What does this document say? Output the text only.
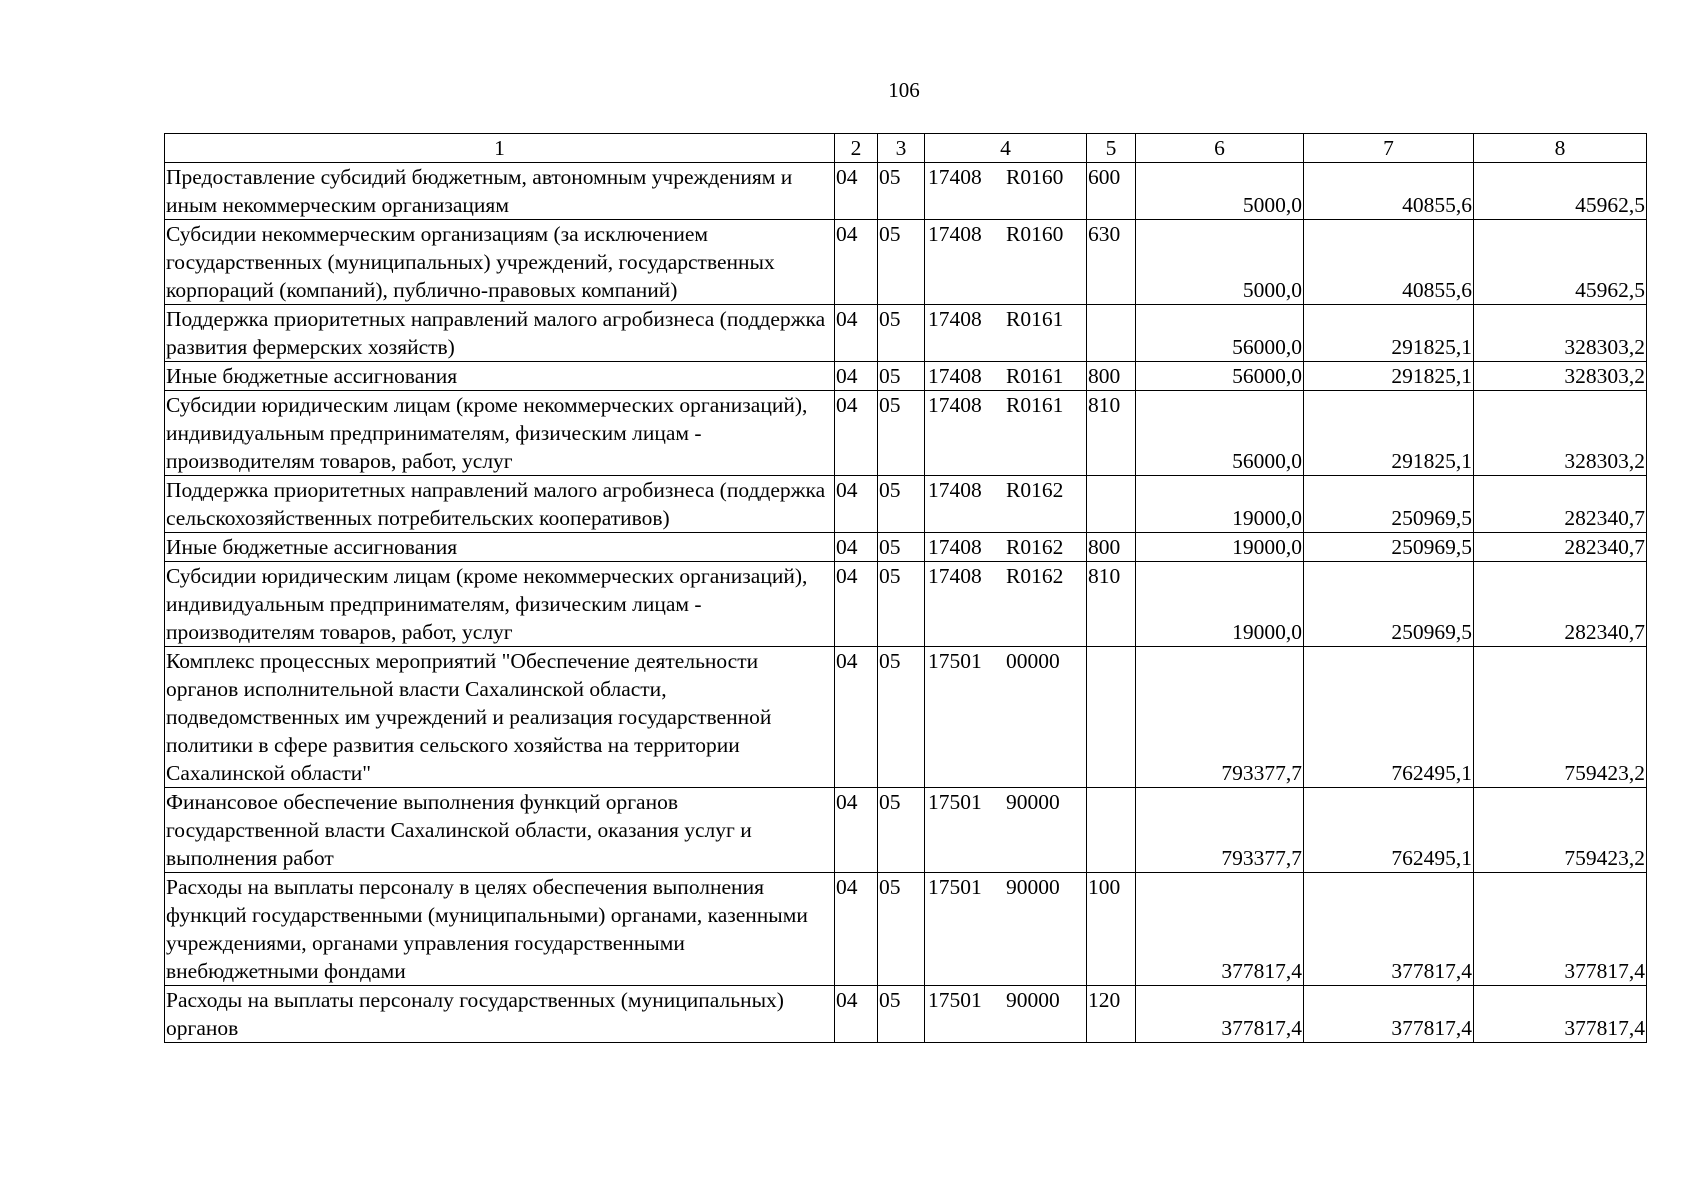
106
1	2	3	4	5	6	7	8
Предоставление субсидий бюджетным, автономным учреждениям и иным некоммерческим организациям	04	05	17408 R0160	600	5000,0	40855,6	45962,5
Субсидии некоммерческим организациям (за исключением государственных (муниципальных) учреждений, государственных корпораций (компаний), публично-правовых компаний)	04	05	17408 R0160	630	5000,0	40855,6	45962,5
Поддержка приоритетных направлений малого агробизнеса (поддержка развития фермерских хозяйств)	04	05	17408 R0161		56000,0	291825,1	328303,2
Иные бюджетные ассигнования	04	05	17408 R0161	800	56000,0	291825,1	328303,2
Субсидии юридическим лицам (кроме некоммерческих организаций), индивидуальным предпринимателям, физическим лицам - производителям товаров, работ, услуг	04	05	17408 R0161	810	56000,0	291825,1	328303,2
Поддержка приоритетных направлений малого агробизнеса (поддержка сельскохозяйственных потребительских кооперативов)	04	05	17408 R0162		19000,0	250969,5	282340,7
Иные бюджетные ассигнования	04	05	17408 R0162	800	19000,0	250969,5	282340,7
Субсидии юридическим лицам (кроме некоммерческих организаций), индивидуальным предпринимателям, физическим лицам - производителям товаров, работ, услуг	04	05	17408 R0162	810	19000,0	250969,5	282340,7
Комплекс процессных мероприятий "Обеспечение деятельности органов исполнительной власти Сахалинской области, подведомственных им учреждений и реализация государственной политики в сфере развития сельского хозяйства на территории Сахалинской области"	04	05	17501 00000		793377,7	762495,1	759423,2
Финансовое обеспечение выполнения функций органов государственной власти Сахалинской области, оказания услуг и выполнения работ	04	05	17501 90000		793377,7	762495,1	759423,2
Расходы на выплаты персоналу в целях обеспечения выполнения функций государственными (муниципальными) органами, казенными учреждениями, органами управления государственными внебюджетными фондами	04	05	17501 90000	100	377817,4	377817,4	377817,4
Расходы на выплаты персоналу государственных (муниципальных) органов	04	05	17501 90000	120	377817,4	377817,4	377817,4
